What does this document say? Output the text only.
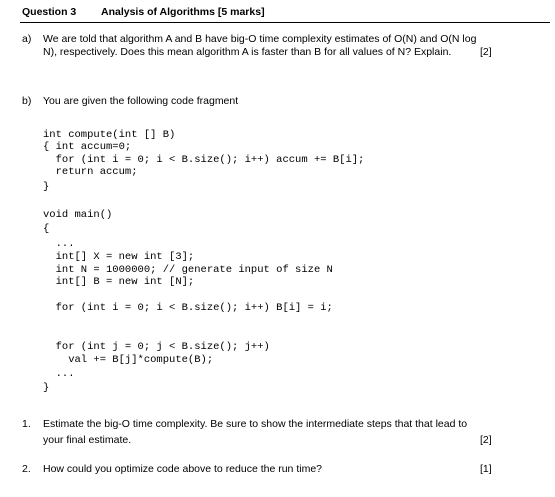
Question 3 Analysis of Algorithms [5 marks]
a) We are told that algorithm A and B have big-O time complexity estimates of O(N) and O(N log
N), respectively. Does this mean algorithm A is faster than B for all values of N? Explain.	[2]
b) You are given the following code fragment
int compute(int [] B)
{ int accum=0;
for (int i = 0; i < B.size(); i++) accum += B[i];
return accum;
}
void main()
{
...
int[] X = new int [3];
int N = 1000000; // generate input of size N
int[] B = new int [N];
for (int i = 0; i < B.size(); i++) B[i] = i;
for (int j = 0; j < B.size(); j++)
val += B[j]*compute(B);
...
}
1. Estimate the big-O time complexity. Be sure to show the intermediate steps that that lead to
your final estimate.	[2]
2. How could you optimize code above to reduce the run time?	[1]
